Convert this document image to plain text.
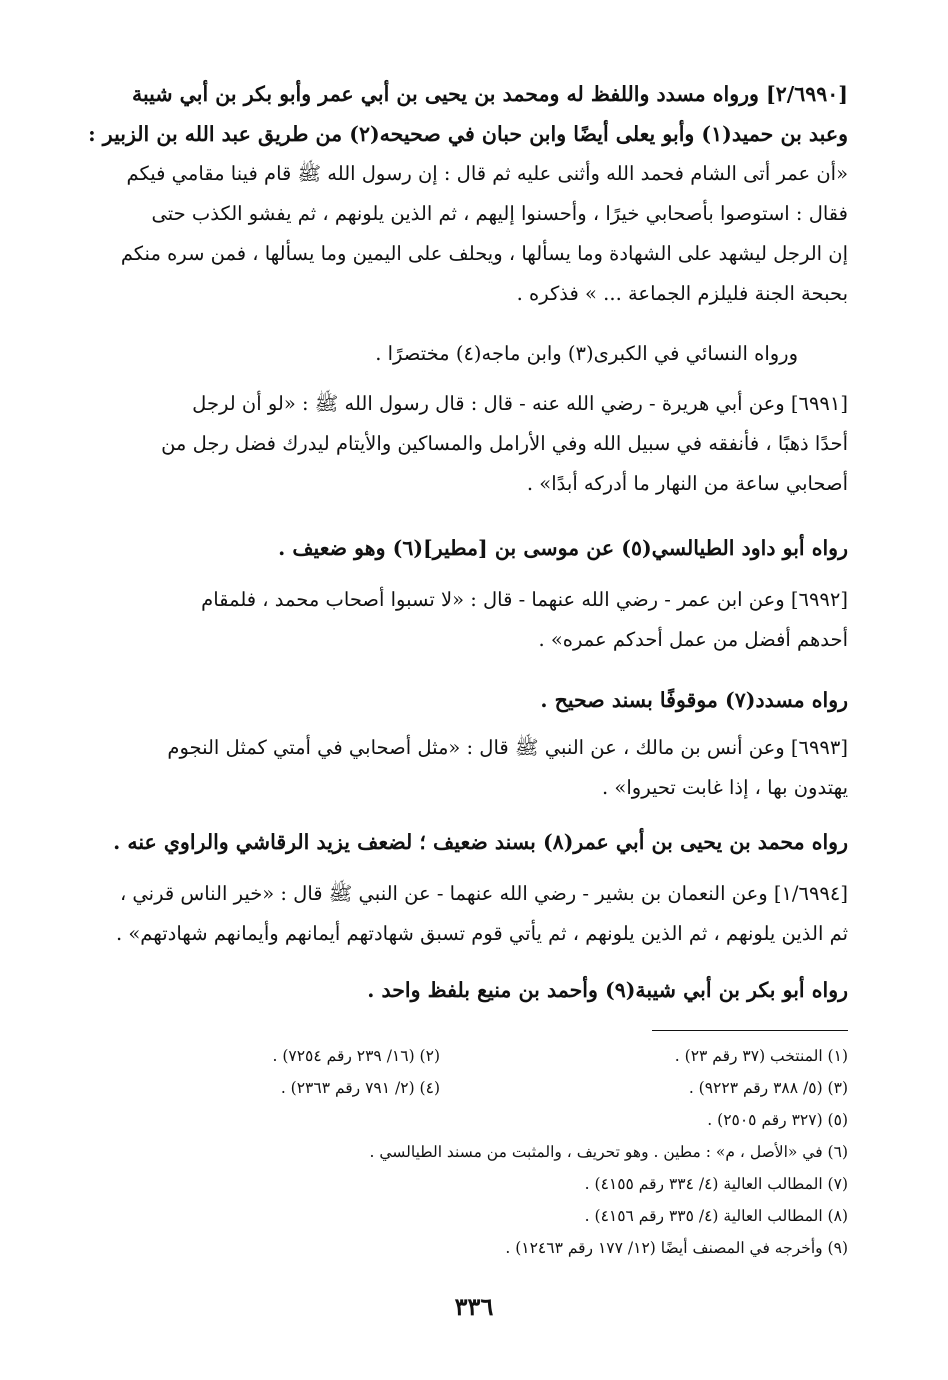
[٢/٦٩٩٠] ورواه مسدد واللفظ له ومحمد بن يحيى بن أبي عمر وأبو بكر بن أبي شيبة
وعبد بن حميد(١) وأبو يعلى أيضًا وابن حبان في صحيحه(٢) من طريق عبد الله بن الزبير :
«أن عمر أتى الشام فحمد الله وأثنى عليه ثم قال : إن رسول الله ﷺ قام فينا مقامي فيكم
فقال : استوصوا بأصحابي خيرًا ، وأحسنوا إليهم ، ثم الذين يلونهم ، ثم يفشو الكذب حتى
إن الرجل ليشهد على الشهادة وما يسألها ، ويحلف على اليمين وما يسألها ، فمن سره منكم
بحبحة الجنة فليلزم الجماعة ... » فذكره .
ورواه النسائي في الكبرى(٣) وابن ماجه(٤) مختصرًا .
[٦٩٩١] وعن أبي هريرة - رضي الله عنه - قال : قال رسول الله ﷺ : «لو أن لرجل
أحدًا ذهبًا ، فأنفقه في سبيل الله وفي الأرامل والمساكين والأيتام ليدرك فضل رجل من
أصحابي ساعة من النهار ما أدركه أبدًا» .
رواه أبو داود الطيالسي(٥) عن موسى بن [مطير](٦) وهو ضعيف .
[٦٩٩٢] وعن ابن عمر - رضي الله عنهما - قال : «لا تسبوا أصحاب محمد ، فلمقام
أحدهم أفضل من عمل أحدكم عمره» .
رواه مسدد(٧) موقوفًا بسند صحيح .
[٦٩٩٣] وعن أنس بن مالك ، عن النبي ﷺ قال : «مثل أصحابي في أمتي كمثل النجوم
يهتدون بها ، إذا غابت تحيروا» .
رواه محمد بن يحيى بن أبي عمر(٨) بسند ضعيف ؛ لضعف يزيد الرقاشي والراوي عنه .
[١/٦٩٩٤] وعن النعمان بن بشير - رضي الله عنهما - عن النبي ﷺ قال : «خير الناس قرني ،
ثم الذين يلونهم ، ثم الذين يلونهم ، ثم يأتي قوم تسبق شهادتهم أيمانهم وأيمانهم شهادتهم» .
رواه أبو بكر بن أبي شيبة(٩) وأحمد بن منيع بلفظ واحد .
(١) المنتخب (٣٧ رقم ٢٣) .
(٢) (١٦/ ٢٣٩ رقم ٧٢٥٤) .
(٣) (٥/ ٣٨٨ رقم ٩٢٢٣) .
(٤) (٢/ ٧٩١ رقم ٢٣٦٣) .
(٥) (٣٢٧ رقم ٢٥٠٥) .
(٦) في «الأصل ، م» : مطين . وهو تحريف ، والمثبت من مسند الطيالسي .
(٧) المطالب العالية (٤/ ٣٣٤ رقم ٤١٥٥) .
(٨) المطالب العالية (٤/ ٣٣٥ رقم ٤١٥٦) .
(٩) وأخرجه في المصنف أيضًا (١٢/ ١٧٧ رقم ١٢٤٦٣) .
٣٣٦
